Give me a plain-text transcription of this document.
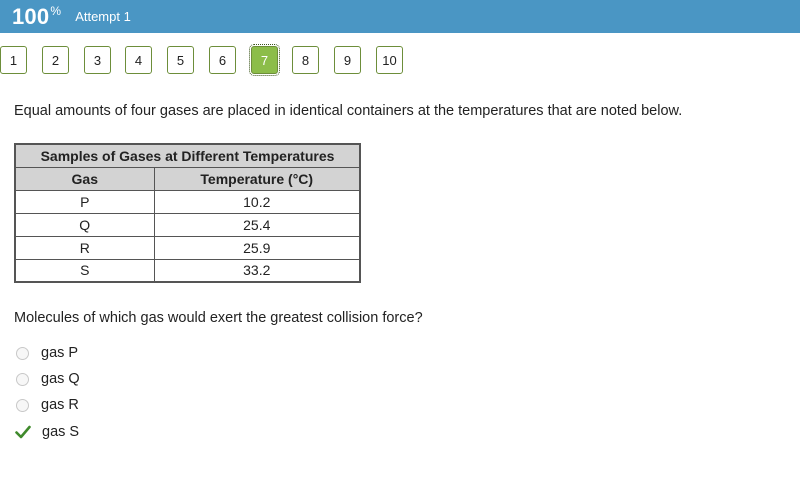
100% Attempt 1
1	2	3	4	5	6	7	8	9	10
Equal amounts of four gases are placed in identical containers at the temperatures that are noted below.
Samples of Gases at Different Temperatures	
Gas	Temperature (°C)
P	10.2
Q	25.4
R	25.9
S	33.2
Molecules of which gas would exert the greatest collision force?
gas P
gas Q
gas R
gas S
